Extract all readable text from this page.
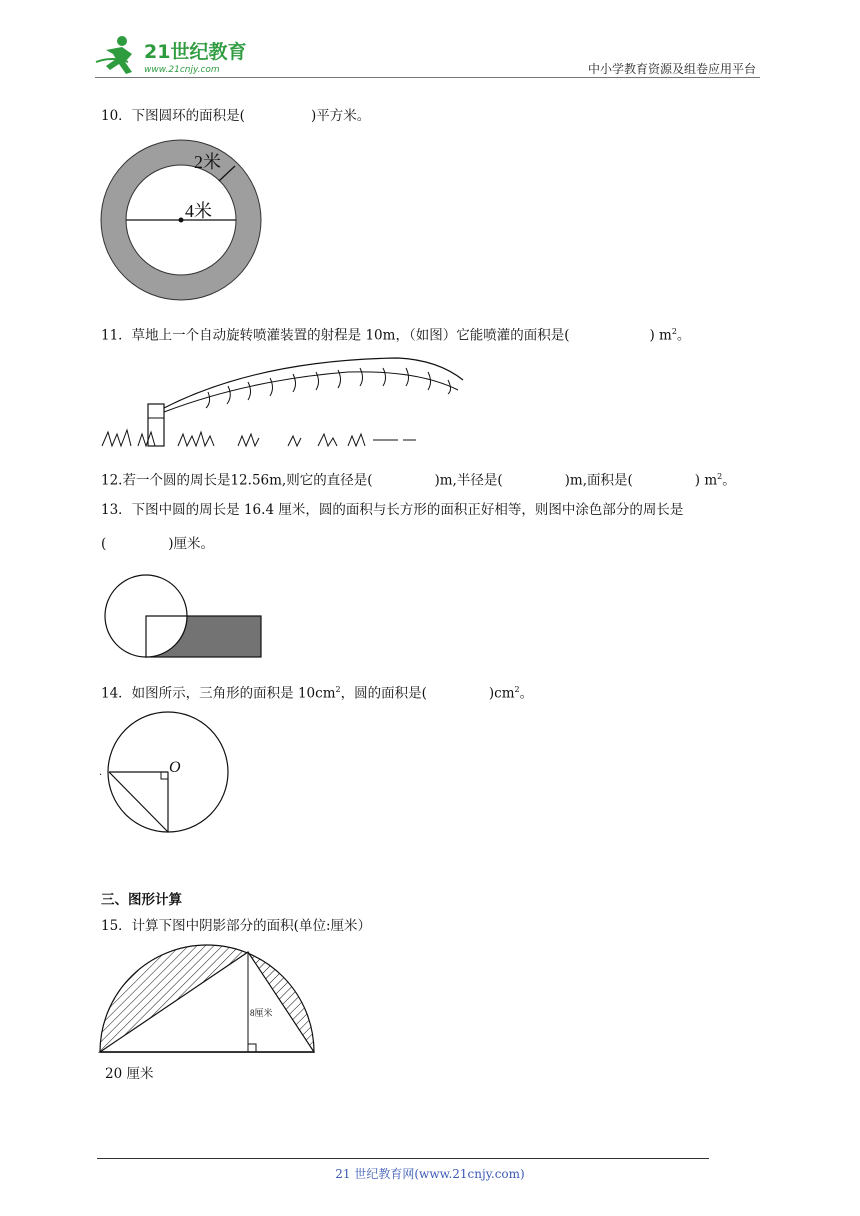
21世纪教育
www.21cnjy.com	中小学教育资源及组卷应用平台
10．下图圆环的面积是(	)平方米。
2米
4米
11．草地上一个自动旋转喷灌装置的射程是 10m，（如图）它能喷灌的面积是(	) $m^2$。
12.若一个圆的周长是12.56m,则它的直径是(	)m,半径是(	)m,面积是(	) $m^2$。
13．下图中圆的周长是 16.4 厘米，圆的面积与长方形的面积正好相等，则图中涂色部分的周长是
(	)厘米。
14．如图所示，三角形的面积是 $10cm^2$，圆的面积是(	)$cm^2$。
O
.
三、图形计算
15．计算下图中阴影部分的面积(单位:厘米）
8厘米
20 厘米
21 世纪教育网(www.21cnjy.com)
